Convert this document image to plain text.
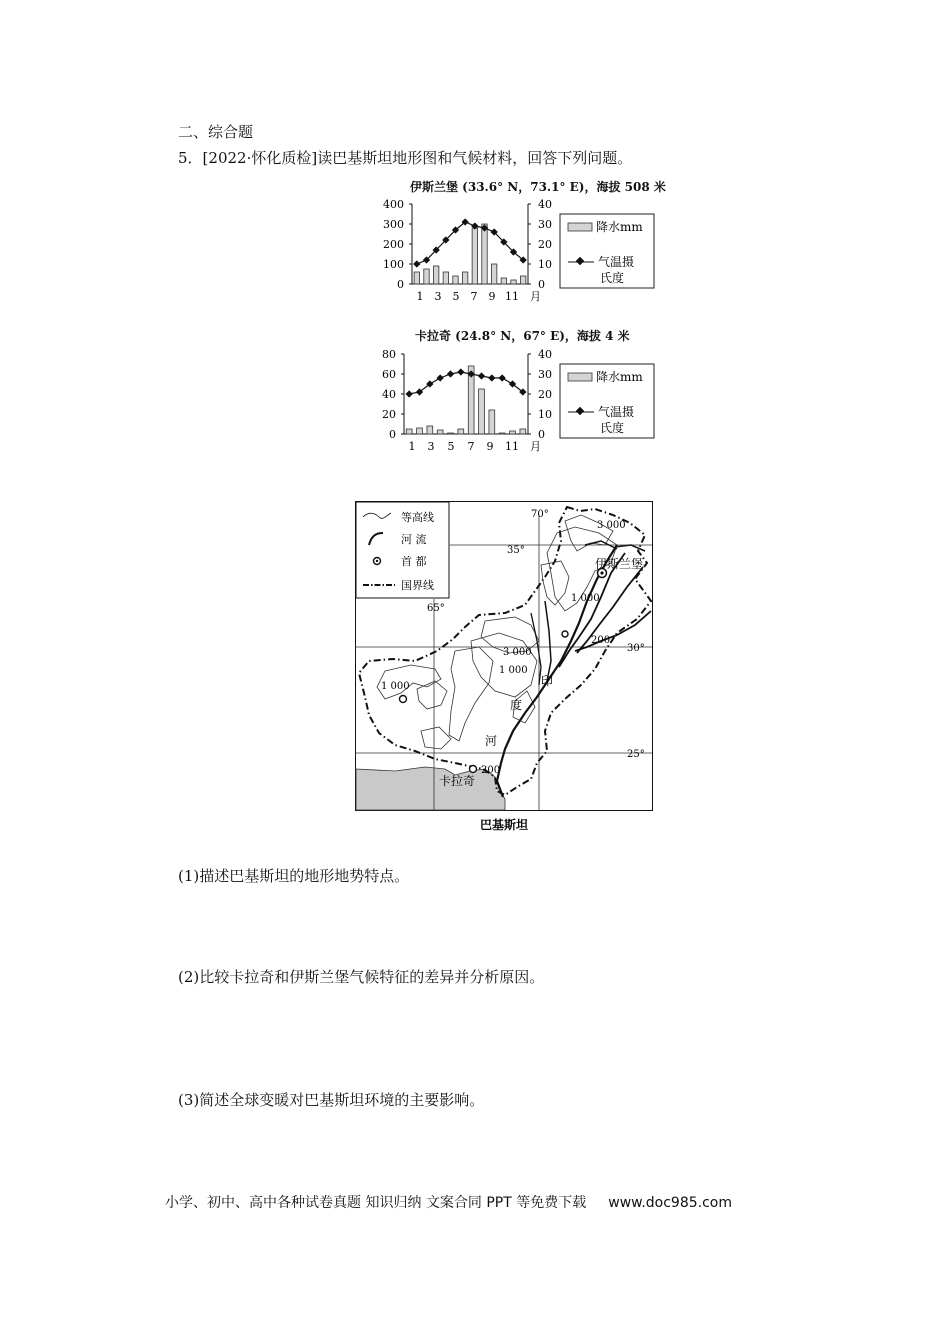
二、综合题
5．[2022·怀化质检]读巴基斯坦地形图和气候材料，回答下列问题。
伊斯兰堡 (33.6° N，73.1° E)，海拔 508 米
400
300
200
100
0
40
30
20
10
0
1 3 5 7 9 11 月
降水mm
气温摄
氏度
卡拉奇 (24.8° N，67° E)，海拔 4 米
80
60
40
20
0
40
30
20
10
0
1 3 5 7 9 11 月
降水mm
气温摄
氏度
等高线
河 流
首 都
国界线
35°
30°
25°
70°
65°
3 000
1 000
200
3 000
1 000
1 000
200
印
度
河
伊斯兰堡
卡拉奇
巴基斯坦
(1)描述巴基斯坦的地形地势特点。
(2)比较卡拉奇和伊斯兰堡气候特征的差异并分析原因。
(3)简述全球变暖对巴基斯坦环境的主要影响。
小学、初中、高中各种试卷真题 知识归纳 文案合同 PPT 等免费下载 www.doc985.com
